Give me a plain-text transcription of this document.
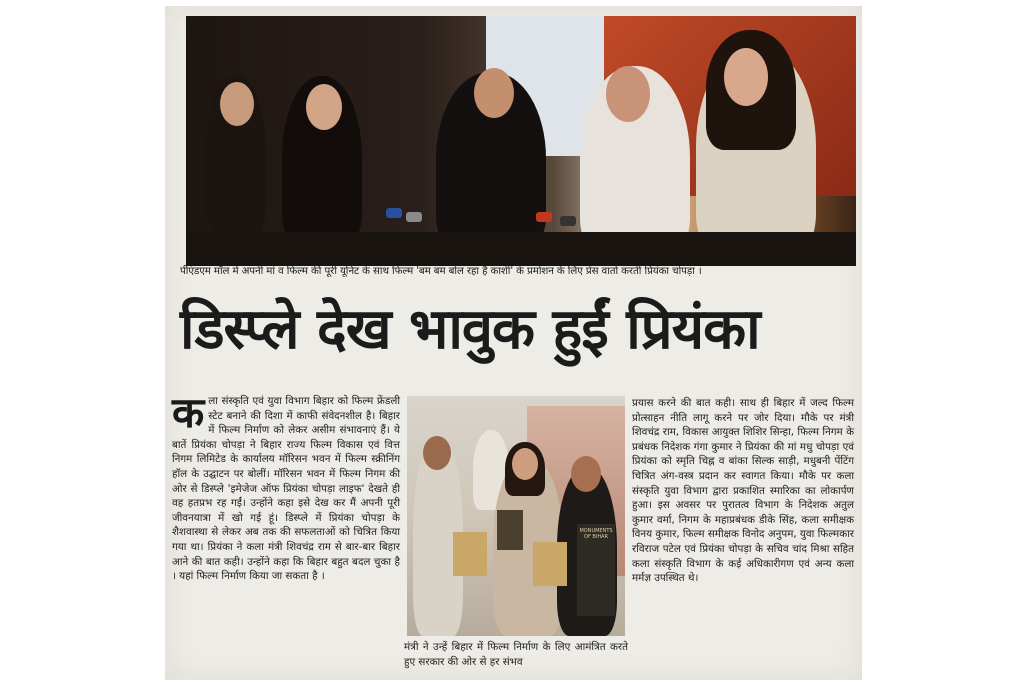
पीएंडएम मॉल में अपनी मां व फिल्म की पूरी यूनिट के साथ फिल्म 'बम बम बोल रहा है काशी' के प्रमोशन के लिए प्रेस वार्ता करतीं प्रियंका चोपड़ा ।
डिस्प्ले देख भावुक हुईं प्रियंका
क ला संस्कृति एवं युवा विभाग बिहार को फिल्म फ्रेंडली स्टेट बनाने की दिशा में काफी संवेदनशील है। बिहार में फिल्म निर्माण को लेकर असीम संभावनाएं हैं। ये बातें प्रियंका चोपड़ा ने बिहार राज्य फिल्म विकास एवं वित्त निगम लिमिटेड के कार्यालय मॉरिसन भवन में फिल्म स्क्रीनिंग हॉल के उद्घाटन पर बोलीं। मॉरिसन भवन में फिल्म निगम की ओर से डिस्प्ले 'इमेजेज ऑफ प्रियंका चोपड़ा लाइफ' देखते ही वह हतप्रभ रह गईं। उन्होंने कहा इसे देख कर मैं अपनी पूरी जीवनयात्रा में खो गई हूं। डिस्प्ले में प्रियंका चोपड़ा के शैशवास्था से लेकर अब तक की सफलताओं को चित्रित किया गया था। प्रियंका ने कला मंत्री शिवचंद्र राम से बार-बार बिहार आने की बात कही। उन्होंने कहा कि बिहार बहुत बदल चुका है । यहां फिल्म निर्माण किया जा सकता है ।
MONUMENTS OF BIHAR
मंत्री ने उन्हें बिहार में फिल्म निर्माण के लिए आमंत्रित करते हुए सरकार की ओर से हर संभव
प्रयास करने की बात कही। साथ ही बिहार में जल्द फिल्म प्रोत्साहन नीति लागू करने पर जोर दिया। मौके पर मंत्री शिवचंद्र राम, विकास आयुक्त शिशिर सिन्हा, फिल्म निगम के प्रबंधक निदेशक गंगा कुमार ने प्रियंका की मां मधु चोपड़ा एवं प्रियंका को स्मृति चिह्न व बांका सिल्क साड़ी, मधुबनी पेंटिंग चित्रित अंग-वस्त्र प्रदान कर स्वागत किया। मौके पर कला संस्कृति युवा विभाग द्वारा प्रकाशित स्मारिका का लोकार्पण हुआ। इस अवसर पर पुरातत्व विभाग के निदेशक अतुल कुमार वर्मा, निगम के महाप्रबंधक डीके सिंह, कला समीक्षक विनय कुमार, फिल्म समीक्षक विनोद अनुपम, युवा फिल्मकार रविराज पटेल एवं प्रियंका चोपड़ा के सचिव चांद मिश्रा सहित कला संस्कृति विभाग के कई अधिकारीगण एवं अन्य कला मर्मज्ञ उपस्थित थे।
